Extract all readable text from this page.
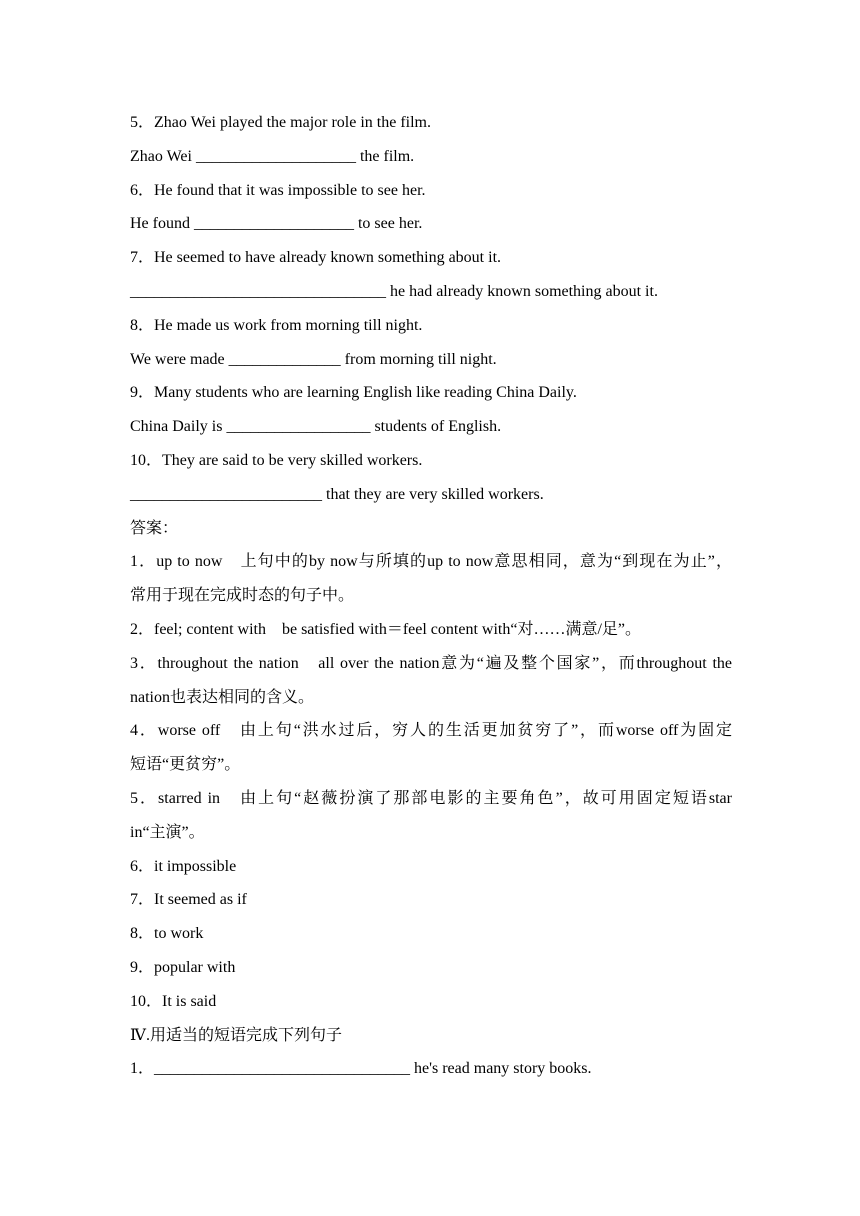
5．Zhao Wei played the major role in the film.
Zhao Wei ____________________ the film.
6．He found that it was impossible to see her.
He found ____________________ to see her.
7．He seemed to have already known something about it.
________________________________ he had already known something about it.
8．He made us work from morning till night.
We were made ______________ from morning till night.
9．Many students who are learning English like reading China Daily.
China Daily is __________________ students of English.
10．They are said to be very skilled workers.
________________________ that they are very skilled workers.
答案：
1．up to now　上句中的by now与所填的up to now意思相同，意为“到现在为止”，
常用于现在完成时态的句子中。
2．feel; content with　be satisfied with＝feel content with“对……满意/足”。
3．throughout the nation　all over the nation意为“遍及整个国家”，而throughout the
nation也表达相同的含义。
4．worse off　由上句“洪水过后，穷人的生活更加贫穷了”，而worse off为固定
短语“更贫穷”。
5．starred in　由上句“赵薇扮演了那部电影的主要角色”，故可用固定短语star
in“主演”。
6．it impossible
7．It seemed as if
8．to work
9．popular with
10．It is said
Ⅳ.用适当的短语完成下列句子
1．________________________________ he's read many story books.
